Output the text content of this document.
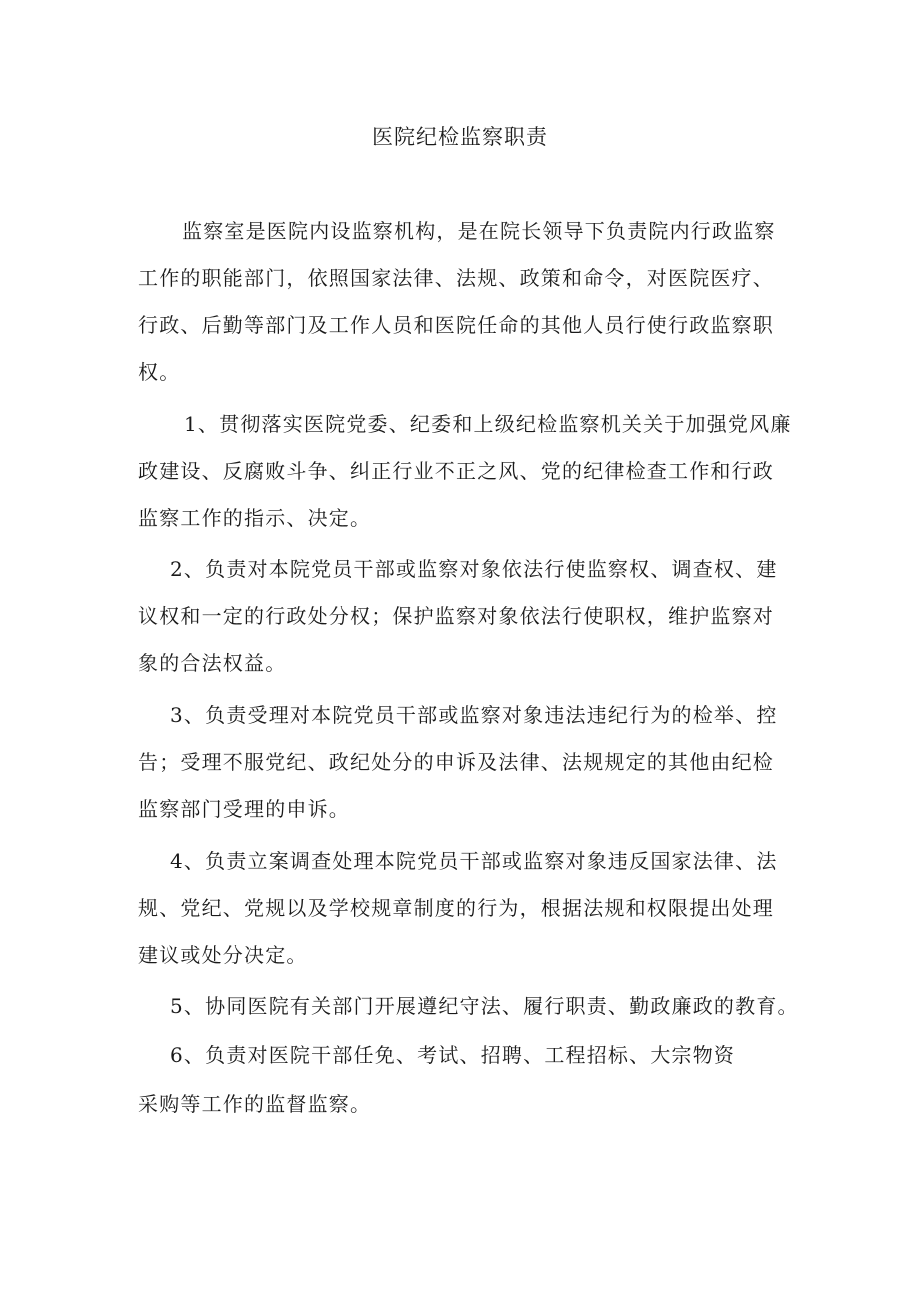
医院纪检监察职责
监察室是医院内设监察机构，是在院长领导下负责院内行政监察
工作的职能部门，依照国家法律、法规、政策和命令，对医院医疗、
行政、后勤等部门及工作人员和医院任命的其他人员行使行政监察职
权。
1、贯彻落实医院党委、纪委和上级纪检监察机关关于加强党风廉
政建设、反腐败斗争、纠正行业不正之风、党的纪律检查工作和行政
监察工作的指示、决定。
2、负责对本院党员干部或监察对象依法行使监察权、调查权、建
议权和一定的行政处分权；保护监察对象依法行使职权，维护监察对
象的合法权益。
3、负责受理对本院党员干部或监察对象违法违纪行为的检举、控
告；受理不服党纪、政纪处分的申诉及法律、法规规定的其他由纪检
监察部门受理的申诉。
4、负责立案调查处理本院党员干部或监察对象违反国家法律、法
规、党纪、党规以及学校规章制度的行为，根据法规和权限提出处理
建议或处分决定。
5、协同医院有关部门开展遵纪守法、履行职责、勤政廉政的教育。
6、负责对医院干部任免、考试、招聘、工程招标、大宗物资
采购等工作的监督监察。
